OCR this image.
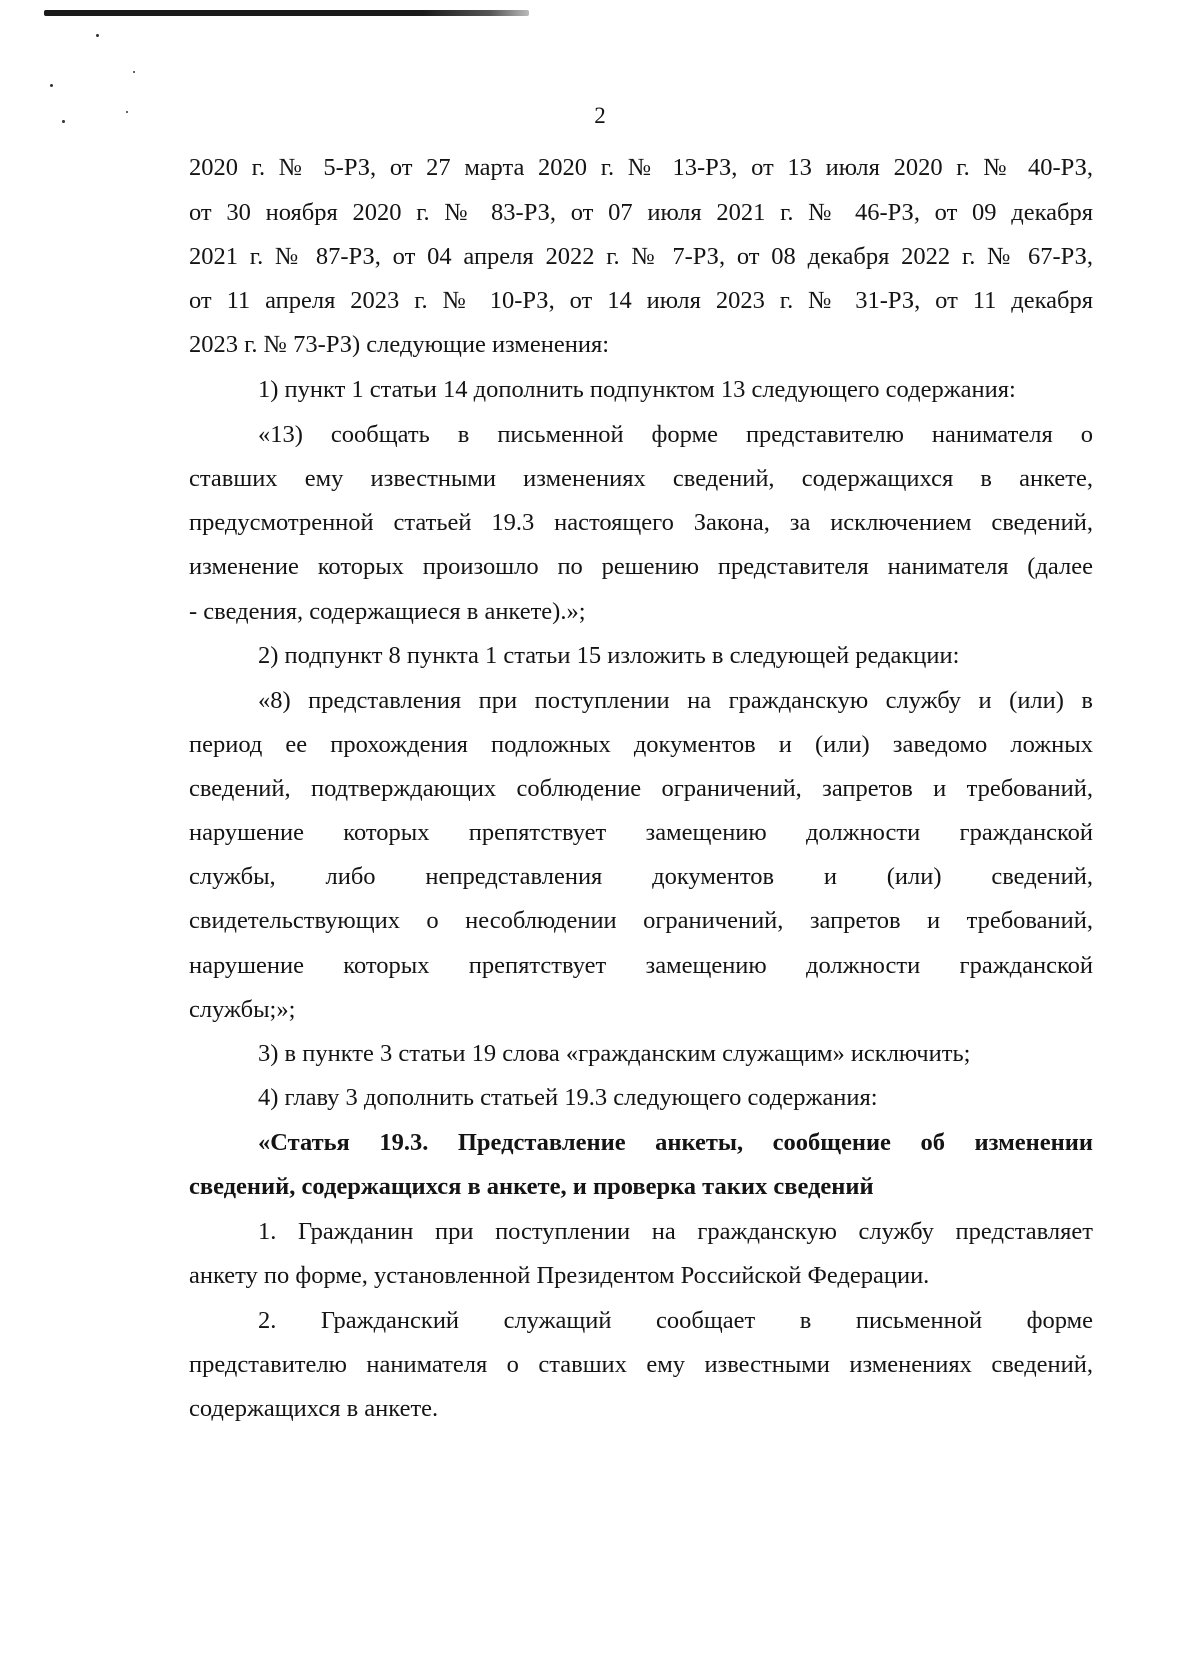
2
2020 г. № 5-РЗ, от 27 марта 2020 г. № 13-РЗ, от 13 июля 2020 г. № 40-РЗ,
от 30 ноября 2020 г. № 83-РЗ, от 07 июля 2021 г. № 46-РЗ, от 09 декабря
2021 г. № 87-РЗ, от 04 апреля 2022 г. № 7-РЗ, от 08 декабря 2022 г. № 67-РЗ,
от 11 апреля 2023 г. № 10-РЗ, от 14 июля 2023 г. № 31-РЗ, от 11 декабря
2023 г. № 73-РЗ) следующие изменения:
1) пункт 1 статьи 14 дополнить подпунктом 13 следующего содержания:
«13) сообщать в письменной форме представителю нанимателя о
ставших ему известными изменениях сведений, содержащихся в анкете,
предусмотренной статьей 19.3 настоящего Закона, за исключением сведений,
изменение которых произошло по решению представителя нанимателя (далее
- сведения, содержащиеся в анкете).»;
2) подпункт 8 пункта 1 статьи 15 изложить в следующей редакции:
«8) представления при поступлении на гражданскую службу и (или) в
период ее прохождения подложных документов и (или) заведомо ложных
сведений, подтверждающих соблюдение ограничений, запретов и требований,
нарушение которых препятствует замещению должности гражданской
службы, либо непредставления документов и (или) сведений,
свидетельствующих о несоблюдении ограничений, запретов и требований,
нарушение которых препятствует замещению должности гражданской
службы;»;
3) в пункте 3 статьи 19 слова «гражданским служащим» исключить;
4) главу 3 дополнить статьей 19.3 следующего содержания:
«Статья 19.3. Представление анкеты, сообщение об изменении
сведений, содержащихся в анкете, и проверка таких сведений
1. Гражданин при поступлении на гражданскую службу представляет
анкету по форме, установленной Президентом Российской Федерации.
2. Гражданский служащий сообщает в письменной форме
представителю нанимателя о ставших ему известными изменениях сведений,
содержащихся в анкете.
